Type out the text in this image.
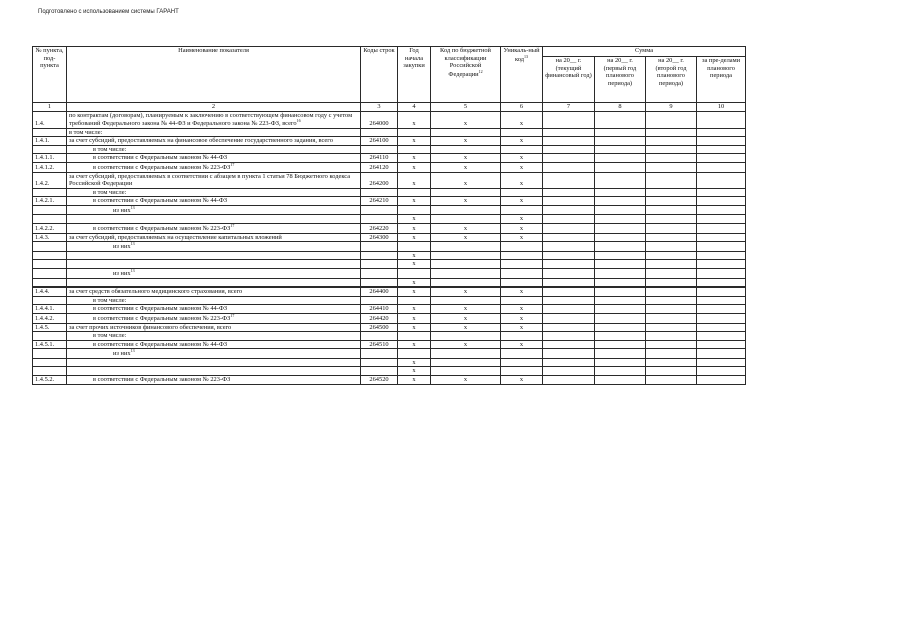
Подготовлено с использованием системы ГАРАНТ
№ пункта, под-пункта	Наименование показателя	Коды строк	Год начала закупки	Код по бюджетной классификации Российской Федерации$^{12}$	Уникаль-ный код$^{13}$	Сумма			
						на 20__ г. (текущий финансовый год)	на 20__ г. (первый год планового периода)	на 20__ г. (второй год планового периода)	за пре-делами планового периода
1	2	3	4	5	6	7	8	9	10
1.4.	по контрактам (договорам), планируемым к заключению в соответствующем финансовом году с учетом требований Федерального закона № 44-ФЗ и Федерального закона № 223-ФЗ, всего$^{16}$	264000	x	x	x				
	в том числе:								
1.4.1.	за счет субсидий, предоставляемых на финансовое обеспечение государственного задания, всего	264100	x	x	x				
	в том числе:								
1.4.1.1.	в соответствии с Федеральным законом № 44-ФЗ	264110	x	x	x				
1.4.1.2.	в соответствии с Федеральным законом № 223-ФЗ$^{17}$	264120	x	x	x				
1.4.2.	за счет субсидий, предоставляемых в соответствии с абзацем в пункта 1 статьи 78 Бюджетного кодекса Российской Федерации	264200	x	x	x				
	в том числе:								
1.4.2.1.	в соответствии с Федеральным законом № 44-ФЗ	264210	x	x	x				
	из них$^{13}$								
			x		x				
1.4.2.2.	в соответствии с Федеральным законом № 223-ФЗ$^{17}$	264220	x	x	x				
1.4.3.	за счет субсидий, предоставляемых на осуществление капитальных вложений	264300	x	x	x				
	из них$^{13}$								
			x						
			x						
	из них$^{13}$								
			x						

1.4.4.	за счет средств обязательного медицинского страхования, всего	264400	x	x	x				
	в том числе:								
1.4.4.1.	в соответствии с Федеральным законом № 44-ФЗ	264410	x	x	x				
1.4.4.2.	в соответствии с Федеральным законом № 223-ФЗ$^{17}$	264420	x	x	x				
1.4.5.	за счет прочих источников финансового обеспечения, всего	264500	x	x	x				
	в том числе:								
1.4.5.1.	в соответствии с Федеральным законом № 44-ФЗ	264510	x	x	x				
	из них$^{13}$								
			x						
			x						
1.4.5.2.	в соответствии с Федеральным законом № 223-ФЗ	264520	x	x	x				
